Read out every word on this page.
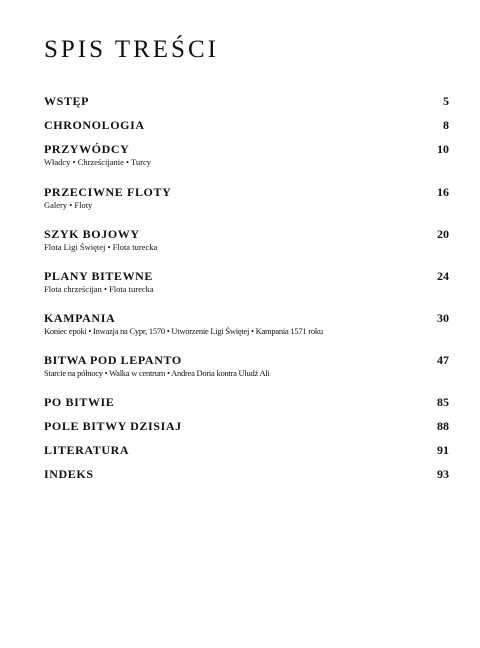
SPIS TREŚCI
WSTĘP	5
CHRONOLOGIA	8
PRZYWÓDCY	10
Władcy • Chrześcijanie • Turcy
PRZECIWNE FLOTY	16
Galery • Floty
SZYK BOJOWY	20
Flota Ligi Świętej • Flota turecka
PLANY BITEWNE	24
Flota chrześcijan • Flota turecka
KAMPANIA	30
Koniec epoki • Inwazja na Cypr, 1570 • Utworzenie Ligi Świętej • Kampania 1571 roku
BITWA POD LEPANTO	47
Starcie na północy • Walka w centrum • Andrea Doria kontra Uludż Ali
PO BITWIE	85
POLE BITWY DZISIAJ	88
LITERATURA	91
INDEKS	93
